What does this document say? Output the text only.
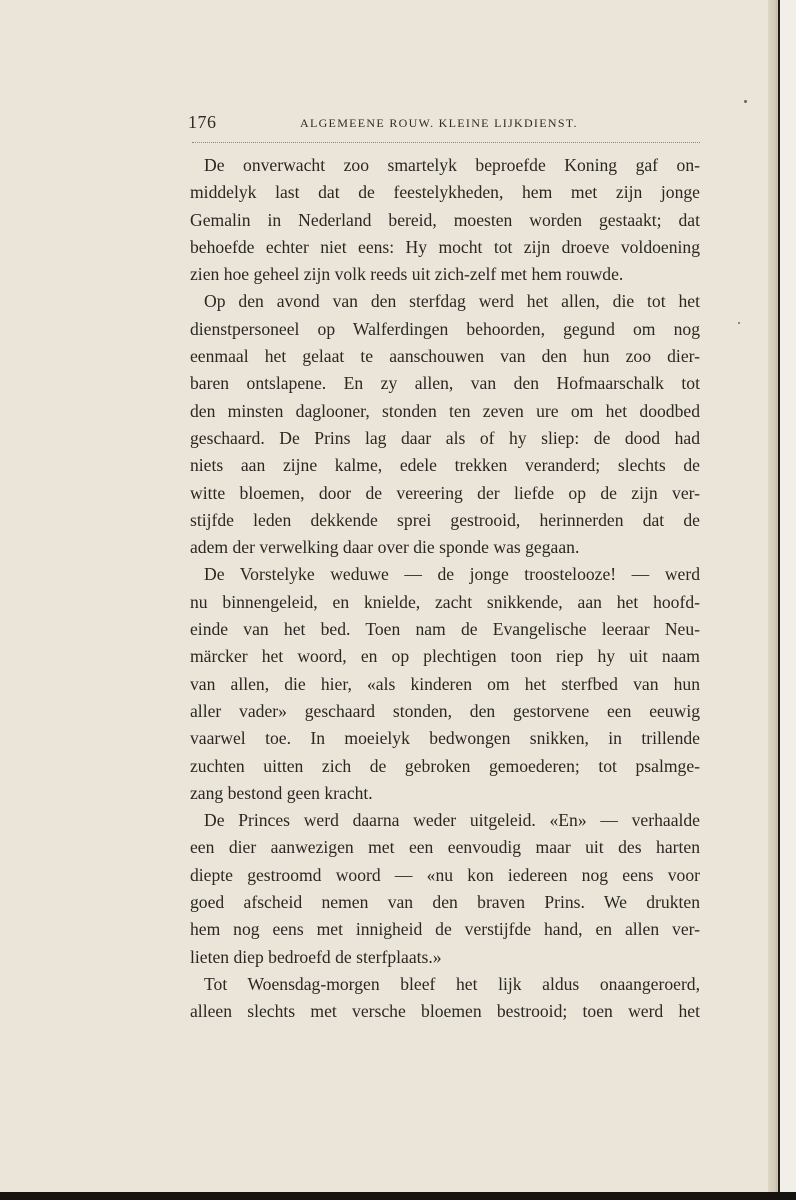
176	ALGEMEENE ROUW. KLEINE LIJKDIENST.
De onverwacht zoo smartelyk beproefde Koning gaf on-
middelyk last dat de feestelykheden, hem met zijn jonge
Gemalin in Nederland bereid, moesten worden gestaakt; dat
behoefde echter niet eens: Hy mocht tot zijn droeve voldoening
zien hoe geheel zijn volk reeds uit zich-zelf met hem rouwde.
Op den avond van den sterfdag werd het allen, die tot het
dienstpersoneel op Walferdingen behoorden, gegund om nog
eenmaal het gelaat te aanschouwen van den hun zoo dier-
baren ontslapene. En zy allen, van den Hofmaarschalk tot
den minsten daglooner, stonden ten zeven ure om het doodbed
geschaard. De Prins lag daar als of hy sliep: de dood had
niets aan zijne kalme, edele trekken veranderd; slechts de
witte bloemen, door de vereering der liefde op de zijn ver-
stijfde leden dekkende sprei gestrooid, herinnerden dat de
adem der verwelking daar over die sponde was gegaan.
De Vorstelyke weduwe — de jonge troostelooze! — werd
nu binnengeleid, en knielde, zacht snikkende, aan het hoofd-
einde van het bed. Toen nam de Evangelische leeraar Neu-
märcker het woord, en op plechtigen toon riep hy uit naam
van allen, die hier, «als kinderen om het sterfbed van hun
aller vader» geschaard stonden, den gestorvene een eeuwig
vaarwel toe. In moeielyk bedwongen snikken, in trillende
zuchten uitten zich de gebroken gemoederen; tot psalmge-
zang bestond geen kracht.
De Princes werd daarna weder uitgeleid. «En» — verhaalde
een dier aanwezigen met een eenvoudig maar uit des harten
diepte gestroomd woord — «nu kon iedereen nog eens voor
goed afscheid nemen van den braven Prins. We drukten
hem nog eens met innigheid de verstijfde hand, en allen ver-
lieten diep bedroefd de sterfplaats.»
Tot Woensdag-morgen bleef het lijk aldus onaangeroerd,
alleen slechts met versche bloemen bestrooid; toen werd het
